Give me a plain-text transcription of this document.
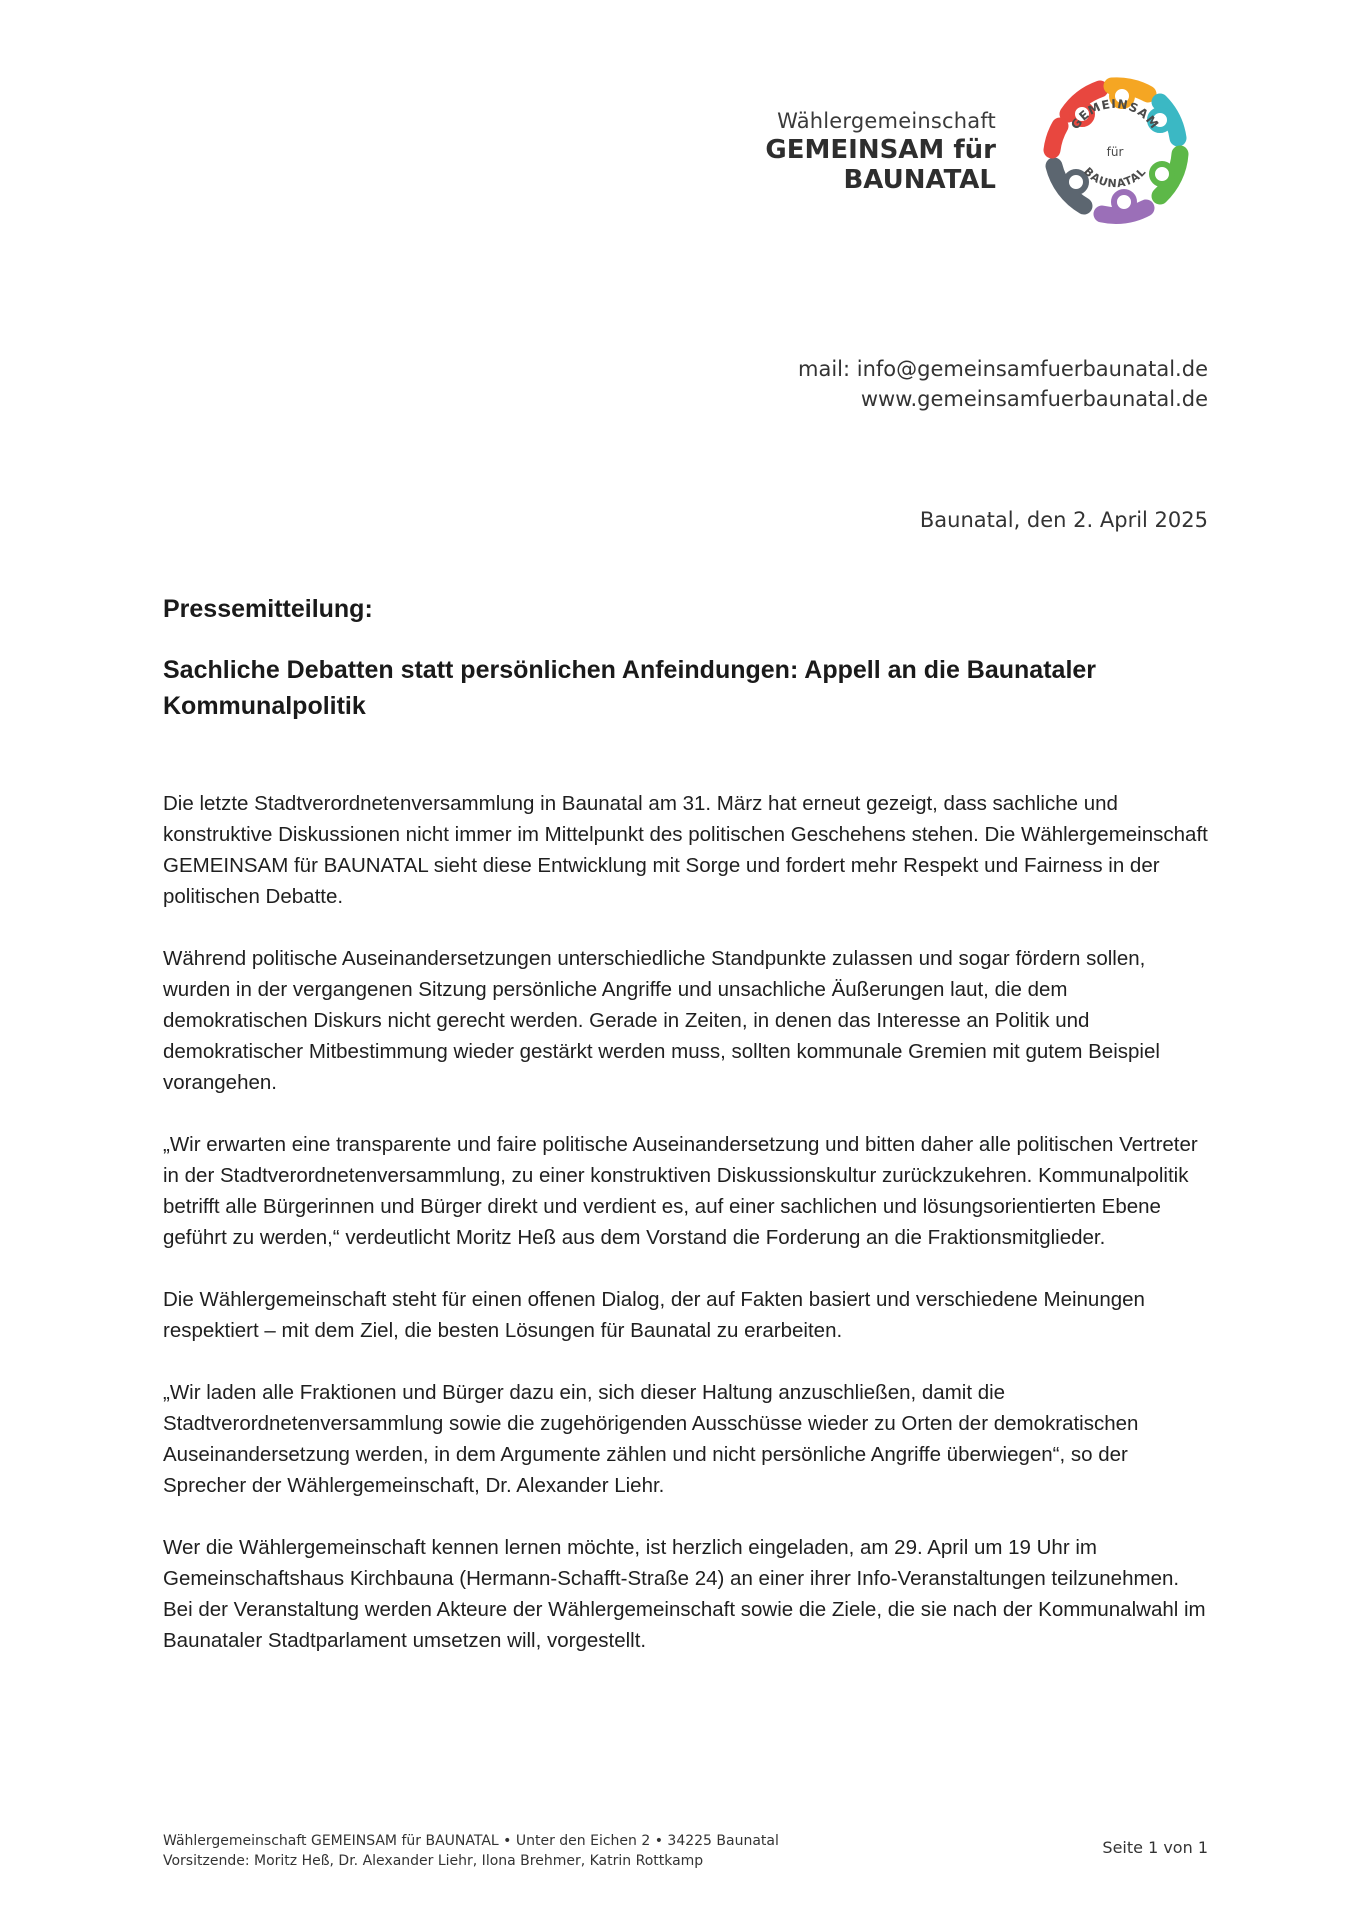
Wählergemeinschaft
GEMEINSAM für
BAUNATAL
GEMEINSAM
für
BAUNATAL
mail: info@gemeinsamfuerbaunatal.de
www.gemeinsamfuerbaunatal.de
Baunatal, den 2. April 2025

Pressemitteilung:

Sachliche Debatten statt persönlichen Anfeindungen: Appell an die Baunataler
Kommunalpolitik

Die letzte Stadtverordnetenversammlung in Baunatal am 31. März hat erneut gezeigt, dass sachliche und konstruktive Diskussionen nicht immer im Mittelpunkt des politischen Geschehens stehen. Die Wählergemeinschaft GEMEINSAM für BAUNATAL sieht diese Entwicklung mit Sorge und fordert mehr Respekt und Fairness in der politischen Debatte.

Während politische Auseinandersetzungen unterschiedliche Standpunkte zulassen und sogar fördern sollen, wurden in der vergangenen Sitzung persönliche Angriffe und unsachliche Äußerungen laut, die dem demokratischen Diskurs nicht gerecht werden. Gerade in Zeiten, in denen das Interesse an Politik und demokratischer Mitbestimmung wieder gestärkt werden muss, sollten kommunale Gremien mit gutem Beispiel vorangehen.

„Wir erwarten eine transparente und faire politische Auseinandersetzung und bitten daher alle politischen Vertreter in der Stadtverordnetenversammlung, zu einer konstruktiven Diskussionskultur zurückzukehren. Kommunalpolitik betrifft alle Bürgerinnen und Bürger direkt und verdient es, auf einer sachlichen und lösungsorientierten Ebene geführt zu werden,“ verdeutlicht Moritz Heß aus dem Vorstand die Forderung an die Fraktionsmitglieder.

Die Wählergemeinschaft steht für einen offenen Dialog, der auf Fakten basiert und verschiedene Meinungen respektiert – mit dem Ziel, die besten Lösungen für Baunatal zu erarbeiten.

„Wir laden alle Fraktionen und Bürger dazu ein, sich dieser Haltung anzuschließen, damit die Stadtverordnetenversammlung sowie die zugehörigenden Ausschüsse wieder zu Orten der demokratischen Auseinandersetzung werden, in dem Argumente zählen und nicht persönliche Angriffe überwiegen“, so der Sprecher der Wählergemeinschaft, Dr. Alexander Liehr.

Wer die Wählergemeinschaft kennen lernen möchte, ist herzlich eingeladen, am 29. April um 19 Uhr im Gemeinschaftshaus Kirchbauna (Hermann-Schafft-Straße 24) an einer ihrer Info-Veranstaltungen teilzunehmen. Bei der Veranstaltung werden Akteure der Wählergemeinschaft sowie die Ziele, die sie nach der Kommunalwahl im Baunataler Stadtparlament umsetzen will, vorgestellt.

Wählergemeinschaft GEMEINSAM für BAUNATAL • Unter den Eichen 2 • 34225 Baunatal
Vorsitzende: Moritz Heß, Dr. Alexander Liehr, Ilona Brehmer, Katrin Rottkamp
Seite 1 von 1
